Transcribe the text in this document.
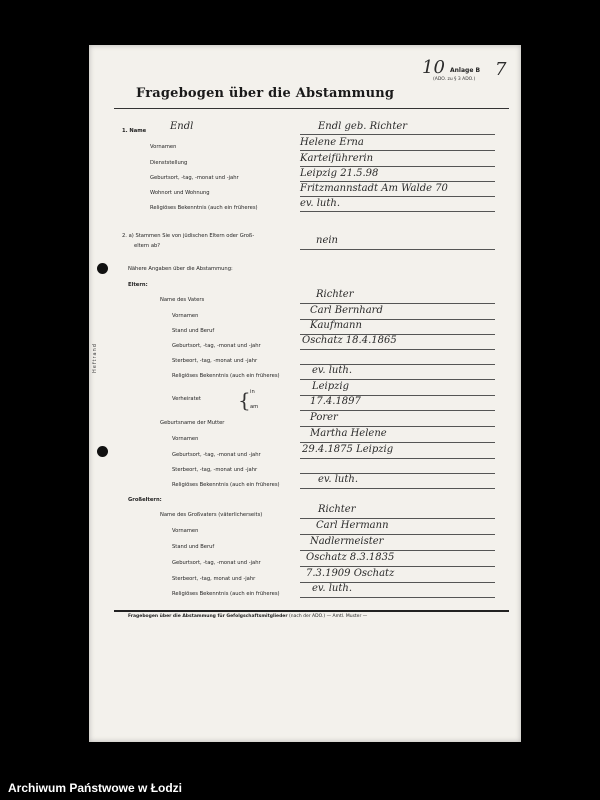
10	7
Anlage B
(ADO. zu § 3 ADO.)
Fragebogen über die Abstammung
Heftrand
1. Name Endl	Endl geb. Richter
Vornamen	Helene Erna
Dienststellung	Karteiführerin
Geburtsort, -tag, -monat und -jahr	Leipzig 21.5.98
Wohnort und Wohnung	Fritzmannstadt Am Walde 70
Religiöses Bekenntnis (auch ein früheres)	ev. luth.
2. a) Stammen Sie von jüdischen Eltern oder Groß-
eltern ab?	nein
Nähere Angaben über die Abstammung:
Eltern:
Name des Vaters	Richter
Vornamen	Carl Bernhard
Stand und Beruf	Kaufmann
Geburtsort, -tag, -monat und -jahr	Oschatz 18.4.1865
Sterbeort, -tag, -monat und -jahr
Religiöses Bekenntnis (auch ein früheres)	ev. luth.
Verheiratet { in	Leipzig
am	17.4.1897
Geburtsname der Mutter	Porer
Vornamen	Martha Helene
Geburtsort, -tag, -monat und -jahr	29.4.1875 Leipzig
Sterbeort, -tag, -monat und -jahr
Religiöses Bekenntnis (auch ein früheres)	ev. luth.
Großeltern:
Name des Großvaters (väterlicherseits)	Richter
Vornamen	Carl Hermann
Stand und Beruf	Nadlermeister
Geburtsort, -tag, -monat und -jahr	Oschatz 8.3.1835
Sterbeort, -tag, monat und -jahr	7.3.1909 Oschatz
Religiöses Bekenntnis (auch ein früheres)	ev. luth.
Fragebogen über die Abstammung für Gefolgschaftsmitglieder (nach der ADO.) — Amtl. Muster —
Archiwum Państwowe w Łodzi
